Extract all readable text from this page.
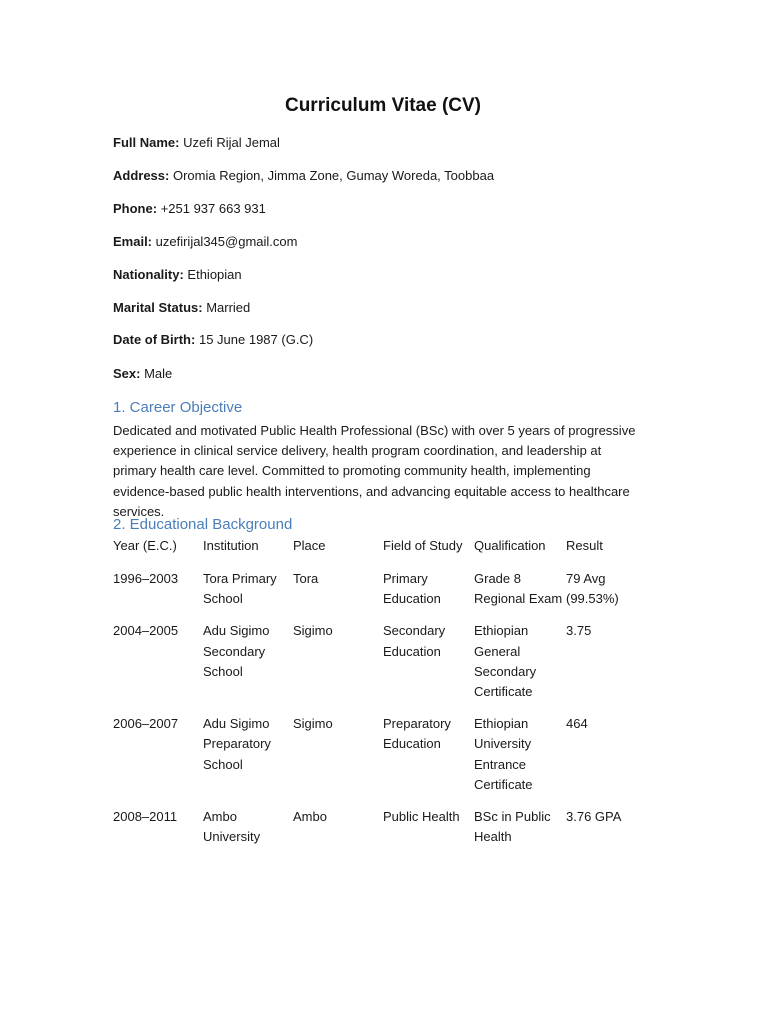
Curriculum Vitae (CV)

Full Name: Uzefi Rijal Jemal

Address: Oromia Region, Jimma Zone, Gumay Woreda, Toobbaa

Phone: +251 937 663 931

Email: uzefirijal345@gmail.com

Nationality: Ethiopian

Marital Status: Married

Date of Birth: 15 June 1987 (G.C)

Sex: Male

1. Career Objective

Dedicated and motivated Public Health Professional (BSc) with over 5 years of progressive experience in clinical service delivery, health program coordination, and leadership at primary health care level. Committed to promoting community health, implementing evidence-based public health interventions, and advancing equitable access to healthcare services.

2. Educational Background
Year (E.C.)	Institution	Place	Field of Study	Qualification	Result
1996–2003	Tora Primary School	Tora	Primary Education	Grade 8 Regional Exam	79 Avg (99.53%)
2004–2005	Adu Sigimo Secondary School	Sigimo	Secondary Education	Ethiopian General Secondary Certificate	3.75
2006–2007	Adu Sigimo Preparatory School	Sigimo	Preparatory Education	Ethiopian University Entrance Certificate	464
2008–2011	Ambo University	Ambo	Public Health	BSc in Public Health	3.76 GPA
